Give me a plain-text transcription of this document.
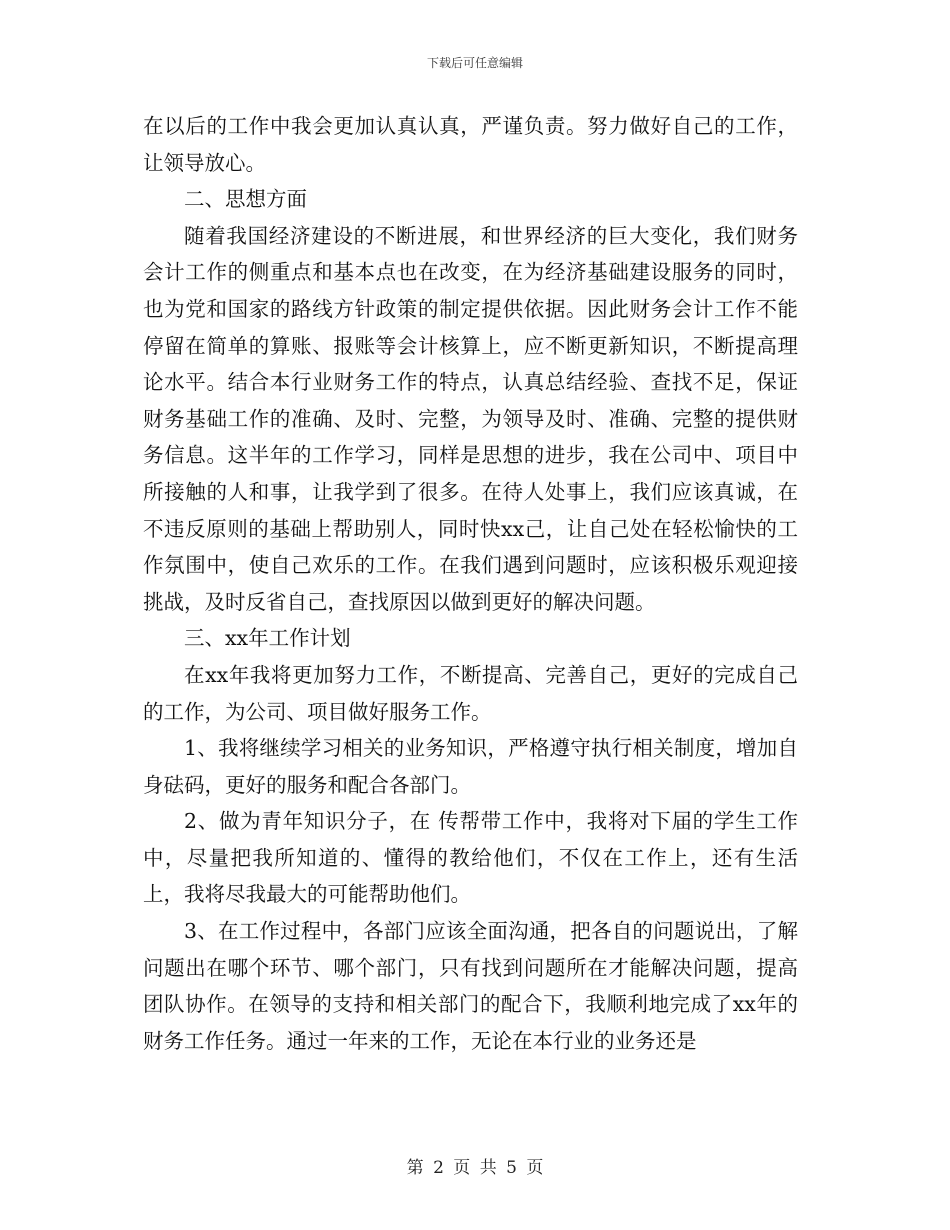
下载后可任意编辑

在以后的工作中我会更加认真认真，严谨负责。努力做好自己的工作，让领导放心。

二、思想方面

随着我国经济建设的不断进展，和世界经济的巨大变化，我们财务会计工作的侧重点和基本点也在改变，在为经济基础建设服务的同时，也为党和国家的路线方针政策的制定提供依据。因此财务会计工作不能停留在简单的算账、报账等会计核算上，应不断更新知识，不断提高理论水平。结合本行业财务工作的特点，认真总结经验、查找不足，保证财务基础工作的准确、及时、完整，为领导及时、准确、完整的提供财务信息。这半年的工作学习，同样是思想的进步，我在公司中、项目中所接触的人和事，让我学到了很多。在待人处事上，我们应该真诚，在不违反原则的基础上帮助别人，同时快xx己，让自己处在轻松愉快的工作氛围中，使自己欢乐的工作。在我们遇到问题时，应该积极乐观迎接挑战，及时反省自己，查找原因以做到更好的解决问题。

三、xx年工作计划

在xx年我将更加努力工作，不断提高、完善自己，更好的完成自己的工作，为公司、项目做好服务工作。

1、我将继续学习相关的业务知识，严格遵守执行相关制度，增加自身砝码，更好的服务和配合各部门。

2、做为青年知识分子，在 传帮带工作中，我将对下届的学生工作中，尽量把我所知道的、懂得的教给他们，不仅在工作上，还有生活上，我将尽我最大的可能帮助他们。

3、在工作过程中，各部门应该全面沟通，把各自的问题说出，了解问题出在哪个环节、哪个部门，只有找到问题所在才能解决问题，提高团队协作。在领导的支持和相关部门的配合下，我顺利地完成了xx年的财务工作任务。通过一年来的工作，无论在本行业的业务还是

第 2 页 共 5 页
